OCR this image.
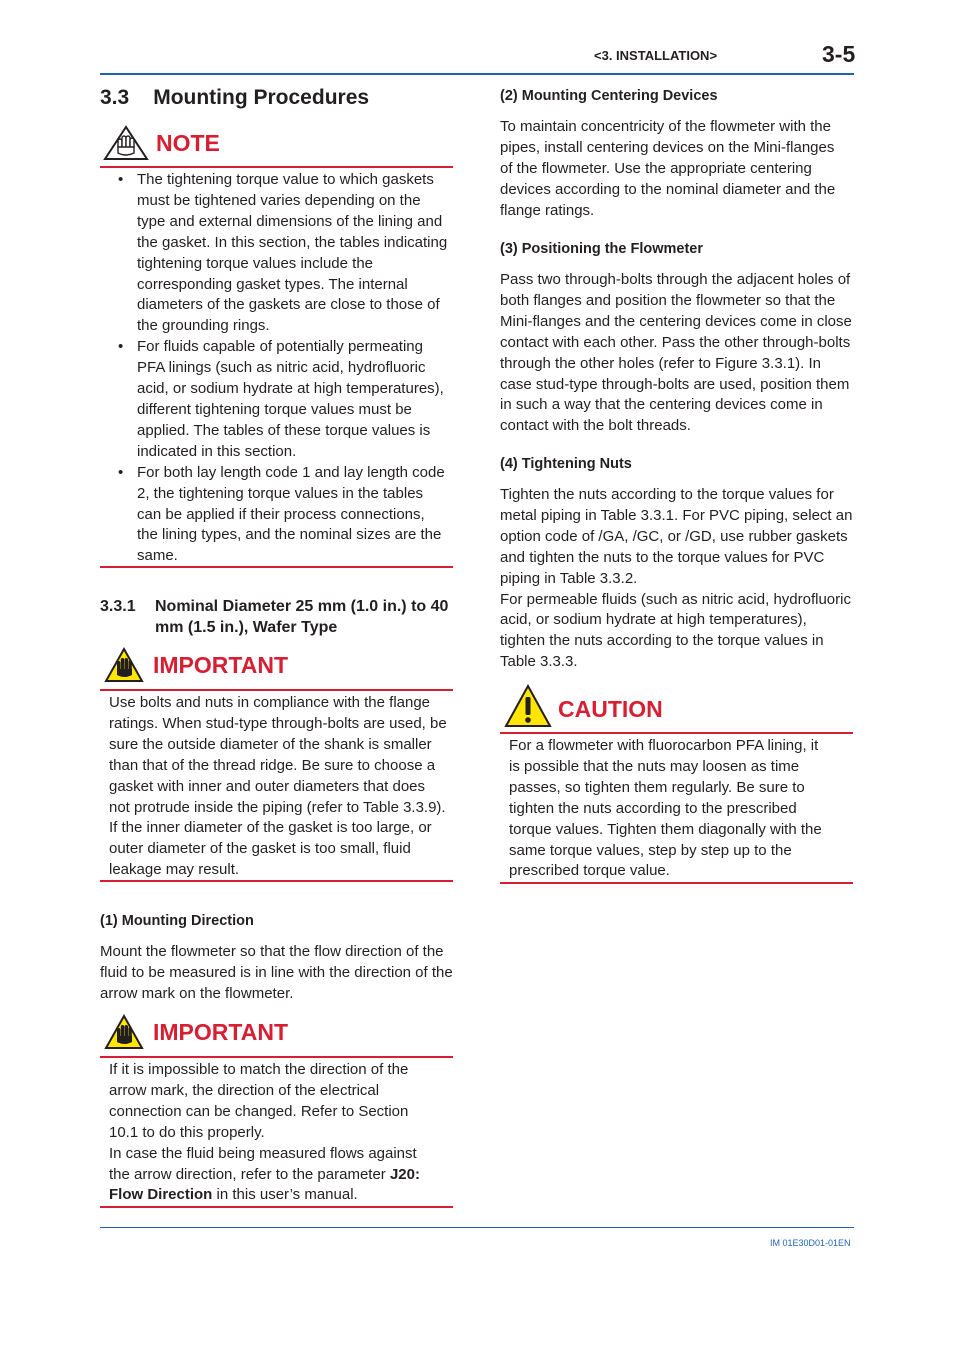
<3. INSTALLATION>	3-5
3.3 Mounting Procedures
NOTE
• The tightening torque value to which gaskets must be tightened varies depending on the type and external dimensions of the lining and the gasket. In this section, the tables indicating tightening torque values include the corresponding gasket types. The internal diameters of the gaskets are close to those of the grounding rings.
• For fluids capable of potentially permeating PFA linings (such as nitric acid, hydrofluoric acid, or sodium hydrate at high temperatures), different tightening torque values must be applied. The tables of these torque values is indicated in this section.
• For both lay length code 1 and lay length code 2, the tightening torque values in the tables can be applied if their process connections, the lining types, and the nominal sizes are the same.
3.3.1 Nominal Diameter 25 mm (1.0 in.) to 40 mm (1.5 in.), Wafer Type
IMPORTANT

Use bolts and nuts in compliance with the flange ratings. When stud-type through-bolts are used, be sure the outside diameter of the shank is smaller than that of the thread ridge. Be sure to choose a gasket with inner and outer diameters that does not protrude inside the piping (refer to Table 3.3.9). If the inner diameter of the gasket is too large, or outer diameter of the gasket is too small, fluid leakage may result.

(1) Mounting Direction

Mount the flowmeter so that the flow direction of the fluid to be measured is in line with the direction of the arrow mark on the flowmeter.

IMPORTANT

If it is impossible to match the direction of the arrow mark, the direction of the electrical connection can be changed. Refer to Section 10.1 to do this properly.

In case the fluid being measured flows against the arrow direction, refer to the parameter J20: Flow Direction in this user’s manual.

(2) Mounting Centering Devices

To maintain concentricity of the flowmeter with the pipes, install centering devices on the Mini-flanges of the flowmeter. Use the appropriate centering devices according to the nominal diameter and the flange ratings.

(3) Positioning the Flowmeter

Pass two through-bolts through the adjacent holes of both flanges and position the flowmeter so that the Mini-flanges and the centering devices come in close contact with each other. Pass the other through-bolts through the other holes (refer to Figure 3.3.1). In case stud-type through-bolts are used, position them in such a way that the centering devices come in contact with the bolt threads.

(4) Tightening Nuts

Tighten the nuts according to the torque values for metal piping in Table 3.3.1. For PVC piping, select an option code of /GA, /GC, or /GD, use rubber gaskets and tighten the nuts to the torque values for PVC piping in Table 3.3.2.

For permeable fluids (such as nitric acid, hydrofluoric acid, or sodium hydrate at high temperatures), tighten the nuts according to the torque values in Table 3.3.3.

CAUTION

For a flowmeter with fluorocarbon PFA lining, it is possible that the nuts may loosen as time passes, so tighten them regularly. Be sure to tighten the nuts according to the prescribed torque values. Tighten them diagonally with the same torque values, step by step up to the prescribed torque value.

IM 01E30D01-01EN
